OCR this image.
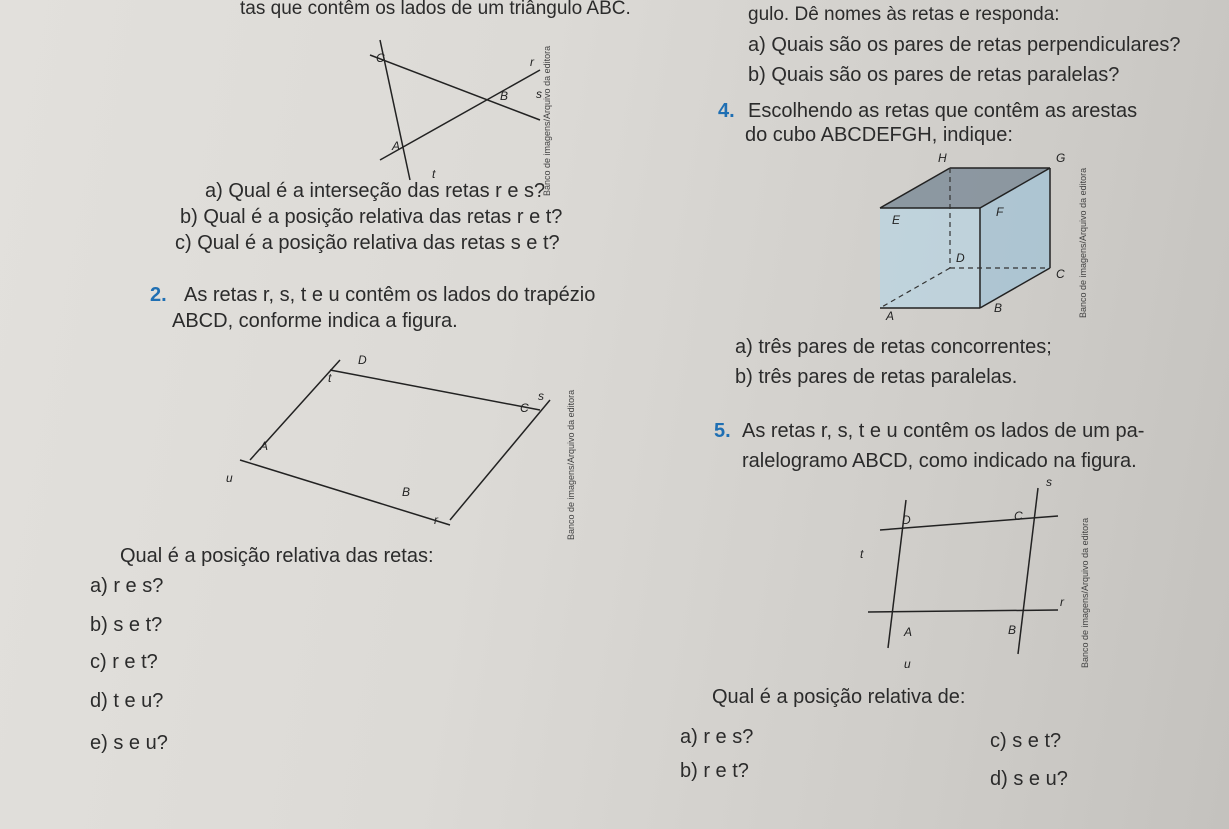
tas que contêm os lados de um triângulo ABC.
C	r
B s
A
t	Banco de imagens/Arquivo da editora
a) Qual é a interseção das retas r e s?
b) Qual é a posição relativa das retas r e t?
c) Qual é a posição relativa das retas s e t?
2. As retas r, s, t e u contêm os lados do trapézio
ABCD, conforme indica a figura.
D
t
C
s
A
u
B
r	Banco de imagens/Arquivo da editora
Qual é a posição relativa das retas:
a) r e s?
b) s e t?
c) r e t?
d) t e u?
e) s e u?
gulo. Dê nomes às retas e responda:
a) Quais são os pares de retas perpendiculares?
b) Quais são os pares de retas paralelas?
4. Escolhendo as retas que contêm as arestas
do cubo ABCDEFGH, indique:
H	G
E
F
D
C
A
B	Banco de imagens/Arquivo da editora
a) três pares de retas concorrentes;
b) três pares de retas paralelas.
5. As retas r, s, t e u contêm os lados de um pa-
ralelogramo ABCD, como indicado na figura.
s
D	C
t
r
A	B
u	Banco de imagens/Arquivo da editora
Qual é a posição relativa de:
a) r e s?
b) r e t?
c) s e t?
d) s e u?
